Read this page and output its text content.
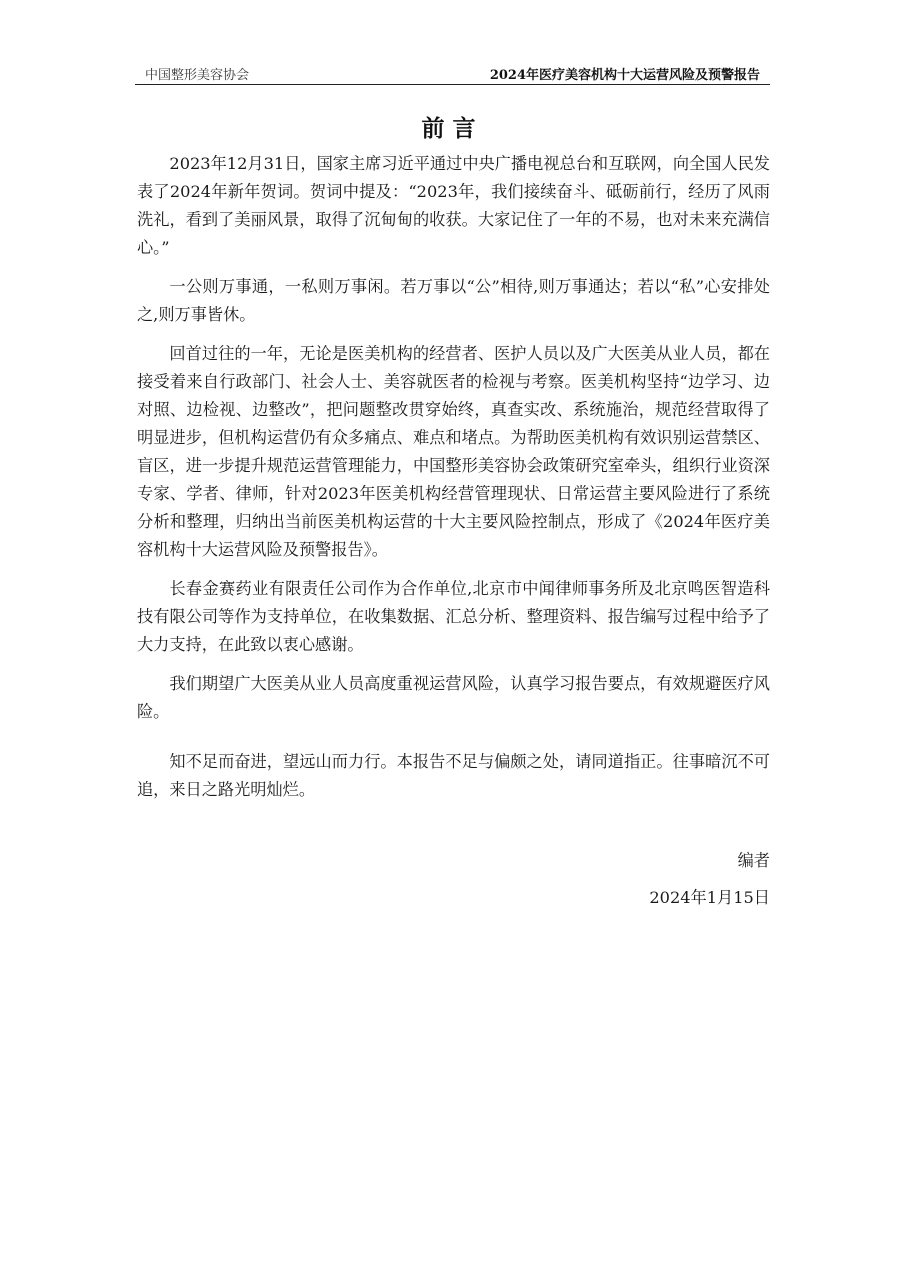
中国整形美容协会	2024年医疗美容机构十大运营风险及预警报告
前言

2023年12月31日，国家主席习近平通过中央广播电视总台和互联网，向全国人民发表了2024年新年贺词。贺词中提及：“2023年，我们接续奋斗、砥砺前行，经历了风雨洗礼，看到了美丽风景，取得了沉甸甸的收获。大家记住了一年的不易，也对未来充满信心。”

一公则万事通，一私则万事闲。若万事以“公”相待,则万事通达；若以“私”心安排处之,则万事皆休。

回首过往的一年，无论是医美机构的经营者、医护人员以及广大医美从业人员，都在接受着来自行政部门、社会人士、美容就医者的检视与考察。医美机构坚持“边学习、边对照、边检视、边整改”，把问题整改贯穿始终，真查实改、系统施治，规范经营取得了明显进步，但机构运营仍有众多痛点、难点和堵点。为帮助医美机构有效识别运营禁区、盲区，进一步提升规范运营管理能力，中国整形美容协会政策研究室牵头，组织行业资深专家、学者、律师，针对2023年医美机构经营管理现状、日常运营主要风险进行了系统分析和整理，归纳出当前医美机构运营的十大主要风险控制点，形成了《2024年医疗美容机构十大运营风险及预警报告》。

长春金赛药业有限责任公司作为合作单位,北京市中闻律师事务所及北京鸣医智造科技有限公司等作为支持单位，在收集数据、汇总分析、整理资料、报告编写过程中给予了大力支持，在此致以衷心感谢。

我们期望广大医美从业人员高度重视运营风险，认真学习报告要点，有效规避医疗风险。

知不足而奋进，望远山而力行。本报告不足与偏颇之处，请同道指正。往事暗沉不可追，来日之路光明灿烂。

编者
2024年1月15日
